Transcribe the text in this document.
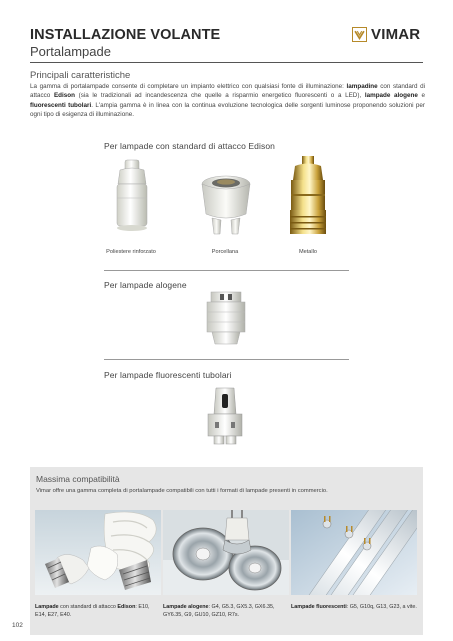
INSTALLAZIONE VOLANTE
Portalampade
VIMAR
Principali caratteristiche

La gamma di portalampade consente di completare un impianto elettrico con qualsiasi fonte di illuminazione: lampadine con standard di attacco Edison (sia le tradizionali ad incandescenza che quelle a risparmio energetico fluorescenti o a LED), lampade alogene e fluorescenti tubolari. L'ampia gamma è in linea con la continua evoluzione tecnologica delle sorgenti luminose proponendo soluzioni per ogni tipo di esigenza di illuminazione.

Per lampade con standard di attacco Edison
Poliestere rinforzato	Porcellana	Metallo
Per lampade alogene
Per lampade fluorescenti tubolari
Massima compatibilità
Vimar offre una gamma completa di portalampade compatibili con tutti i formati di lampade presenti in commercio.
Lampade con standard di attacco Edison: E10, E14, E27, E40.
Lampade alogene: G4, G5.3, GX5.3, GX6.35, GY6.35, G9, GU10, GZ10, R7s.
Lampade fluorescenti: G5, G10q, G13, G23, a vite.
102
